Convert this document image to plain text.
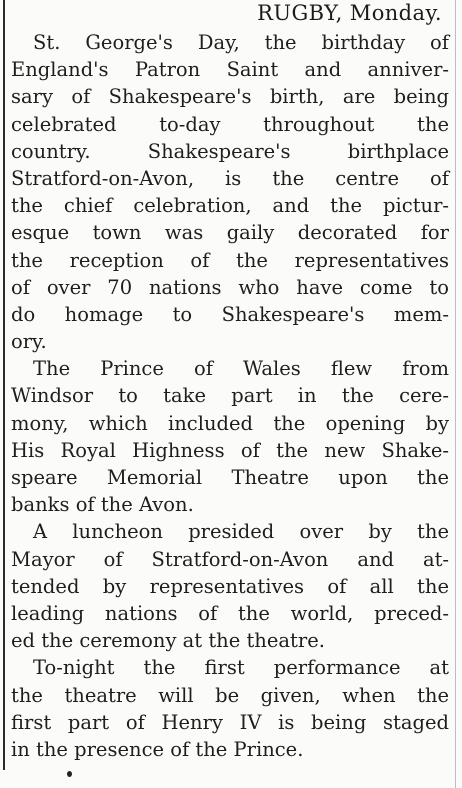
RUGBY, Monday.

St. George's Day, the birthday of
England's Patron Saint and anniver-
sary of Shakespeare's birth, are being
celebrated to-day throughout the
country. Shakespeare's birthplace
Stratford-on-Avon, is the centre of
the chief celebration, and the pictur-
esque town was gaily decorated for
the reception of the representatives
of over 70 nations who have come to
do homage to Shakespeare's mem-
ory.
The Prince of Wales flew from
Windsor to take part in the cere-
mony, which included the opening by
His Royal Highness of the new Shake-
speare Memorial Theatre upon the
banks of the Avon.
A luncheon presided over by the
Mayor of Stratford-on-Avon and at-
tended by representatives of all the
leading nations of the world, preced-
ed the ceremony at the theatre.
To-night the first performance at
the theatre will be given, when the
first part of Henry IV is being staged
in the presence of the Prince.
